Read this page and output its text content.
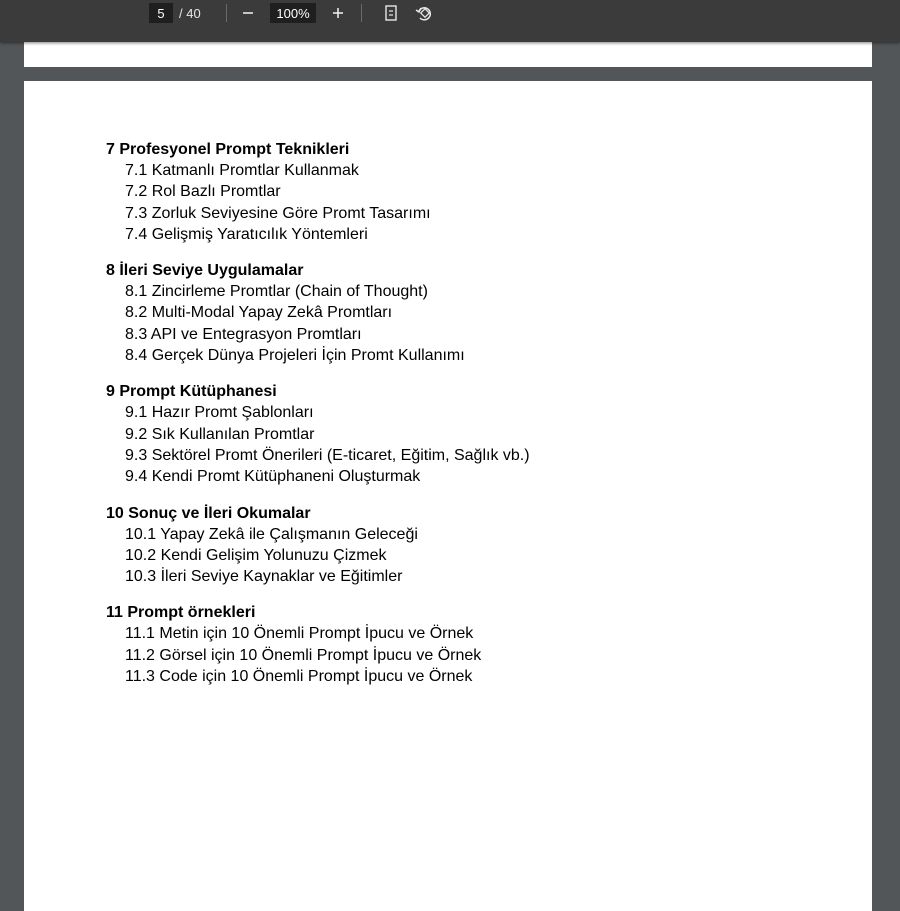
5
/ 40	100%
7 Profesyonel Prompt Teknikleri
7.1 Katmanlı Promtlar Kullanmak
7.2 Rol Bazlı Promtlar
7.3 Zorluk Seviyesine Göre Promt Tasarımı
7.4 Gelişmiş Yaratıcılık Yöntemleri
8 İleri Seviye Uygulamalar
8.1 Zincirleme Promtlar (Chain of Thought)
8.2 Multi-Modal Yapay Zekâ Promtları
8.3 API ve Entegrasyon Promtları
8.4 Gerçek Dünya Projeleri İçin Promt Kullanımı
9 Prompt Kütüphanesi
9.1 Hazır Promt Şablonları
9.2 Sık Kullanılan Promtlar
9.3 Sektörel Promt Önerileri (E-ticaret, Eğitim, Sağlık vb.)
9.4 Kendi Promt Kütüphaneni Oluşturmak
10 Sonuç ve İleri Okumalar
10.1 Yapay Zekâ ile Çalışmanın Geleceği
10.2 Kendi Gelişim Yolunuzu Çizmek
10.3 İleri Seviye Kaynaklar ve Eğitimler
11 Prompt örnekleri
11.1 Metin için 10 Önemli Prompt İpucu ve Örnek
11.2 Görsel için 10 Önemli Prompt İpucu ve Örnek
11.3 Code için 10 Önemli Prompt İpucu ve Örnek
